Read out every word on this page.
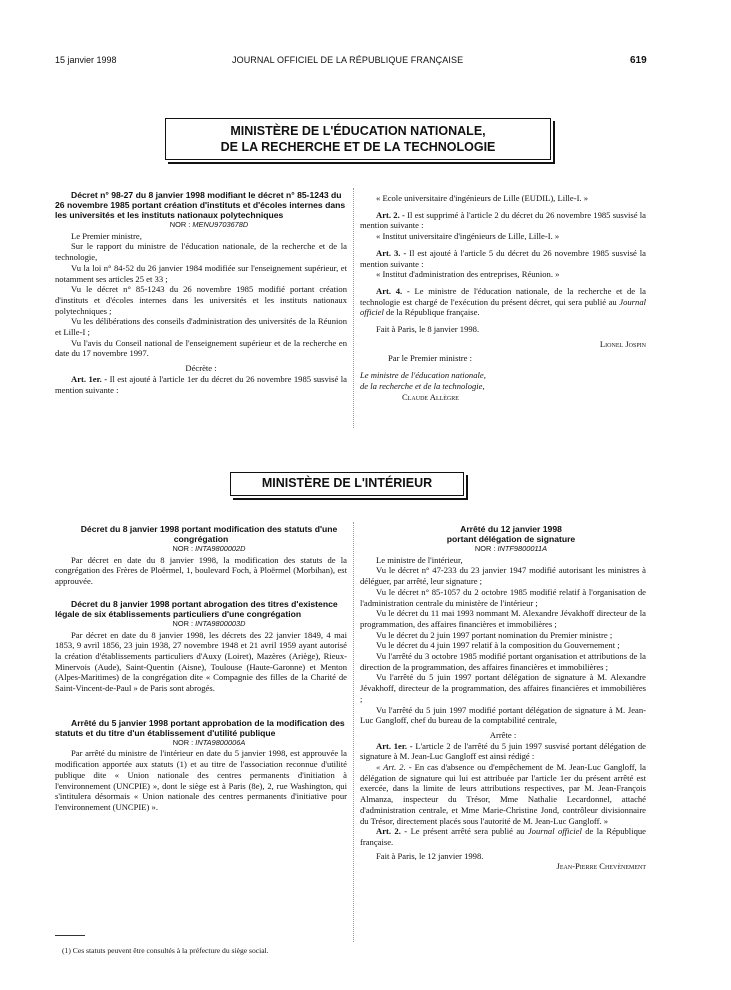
15 janvier 1998	JOURNAL OFFICIEL DE LA RÉPUBLIQUE FRANÇAISE	619
MINISTÈRE DE L'ÉDUCATION NATIONALE,
DE LA RECHERCHE ET DE LA TECHNOLOGIE

Décret n° 98-27 du 8 janvier 1998 modifiant le décret n° 85-1243 du 26 novembre 1985 portant création d'instituts et d'écoles internes dans les universités et les instituts nationaux polytechniques

NOR : MENU9703678D

Le Premier ministre,

Sur le rapport du ministre de l'éducation nationale, de la recherche et de la technologie,

Vu la loi n° 84-52 du 26 janvier 1984 modifiée sur l'enseignement supérieur, et notamment ses articles 25 et 33 ;

Vu le décret n° 85-1243 du 26 novembre 1985 modifié portant création d'instituts et d'écoles internes dans les universités et les instituts nationaux polytechniques ;

Vu les délibérations des conseils d'administration des universités de la Réunion et Lille-I ;

Vu l'avis du Conseil national de l'enseignement supérieur et de la recherche en date du 17 novembre 1997.

Décrète :

Art. 1er. - Il est ajouté à l'article 1er du décret du 26 novembre 1985 susvisé la mention suivante :

« Ecole universitaire d'ingénieurs de Lille (EUDIL), Lille-I. »

Art. 2. - Il est supprimé à l'article 2 du décret du 26 novembre 1985 susvisé la mention suivante :

« Institut universitaire d'ingénieurs de Lille, Lille-I. »

Art. 3. - Il est ajouté à l'article 5 du décret du 26 novembre 1985 susvisé la mention suivante :

« Institut d'administration des entreprises, Réunion. »

Art. 4. - Le ministre de l'éducation nationale, de la recherche et de la technologie est chargé de l'exécution du présent décret, qui sera publié au Journal officiel de la République française.

Fait à Paris, le 8 janvier 1998.

Lionel Jospin

Par le Premier ministre :

Le ministre de l'éducation nationale,

de la recherche et de la technologie,

Claude Allègre

MINISTÈRE DE L'INTÉRIEUR

Décret du 8 janvier 1998 portant modification des statuts d'une congrégation

NOR : INTA9800002D

Par décret en date du 8 janvier 1998, la modification des statuts de la congrégation des Frères de Ploërmel, 1, boulevard Foch, à Ploërmel (Morbihan), est approuvée.

Décret du 8 janvier 1998 portant abrogation des titres d'existence légale de six établissements particuliers d'une congrégation

NOR : INTA9800003D

Par décret en date du 8 janvier 1998, les décrets des 22 janvier 1849, 4 mai 1853, 9 avril 1856, 23 juin 1938, 27 novembre 1948 et 21 avril 1959 ayant autorisé la création d'établissements particuliers d'Auxy (Loiret), Mazères (Ariège), Rieux-Minervois (Aude), Saint-Quentin (Aisne), Toulouse (Haute-Garonne) et Menton (Alpes-Maritimes) de la congrégation dite « Compagnie des filles de la Charité de Saint-Vincent-de-Paul » de Paris sont abrogés.

Arrêté du 5 janvier 1998 portant approbation de la modification des statuts et du titre d'un établissement d'utilité publique

NOR : INTA9800006A

Par arrêté du ministre de l'intérieur en date du 5 janvier 1998, est approuvée la modification apportée aux statuts (1) et au titre de l'association reconnue d'utilité publique dite « Union nationale des centres permanents d'initiation à l'environnement (UNCPIE) », dont le siège est à Paris (8e), 2, rue Washington, qui s'intitulera désormais « Union nationale des centres permanents d'initiative pour l'environnement (UNCPIE) ».

Arrêté du 12 janvier 1998

portant délégation de signature

NOR : INTF9800011A

Le ministre de l'intérieur,

Vu le décret n° 47-233 du 23 janvier 1947 modifié autorisant les ministres à déléguer, par arrêté, leur signature ;

Vu le décret n° 85-1057 du 2 octobre 1985 modifié relatif à l'organisation de l'administration centrale du ministère de l'intérieur ;

Vu le décret du 11 mai 1993 nommant M. Alexandre Jévakhoff directeur de la programmation, des affaires financières et immobilières ;

Vu le décret du 2 juin 1997 portant nomination du Premier ministre ;

Vu le décret du 4 juin 1997 relatif à la composition du Gouvernement ;

Vu l'arrêté du 3 octobre 1985 modifié portant organisation et attributions de la direction de la programmation, des affaires financières et immobilières ;

Vu l'arrêté du 5 juin 1997 portant délégation de signature à M. Alexandre Jévakhoff, directeur de la programmation, des affaires financières et immobilières ;

Vu l'arrêté du 5 juin 1997 modifié portant délégation de signature à M. Jean-Luc Gangloff, chef du bureau de la comptabilité centrale,

Arrête :

Art. 1er. - L'article 2 de l'arrêté du 5 juin 1997 susvisé portant délégation de signature à M. Jean-Luc Gangloff est ainsi rédigé :

« Art. 2. - En cas d'absence ou d'empêchement de M. Jean-Luc Gangloff, la délégation de signature qui lui est attribuée par l'article 1er du présent arrêté est exercée, dans la limite de leurs attributions respectives, par M. Jean-François Almanza, inspecteur du Trésor, Mme Nathalie Lecardonnel, attaché d'administration centrale, et Mme Marie-Christine Jond, contrôleur divisionnaire du Trésor, directement placés sous l'autorité de M. Jean-Luc Gangloff. »

Art. 2. - Le présent arrêté sera publié au Journal officiel de la République française.

Fait à Paris, le 12 janvier 1998.

Jean-Pierre Chevènement

(1) Ces statuts peuvent être consultés à la préfecture du siège social.
